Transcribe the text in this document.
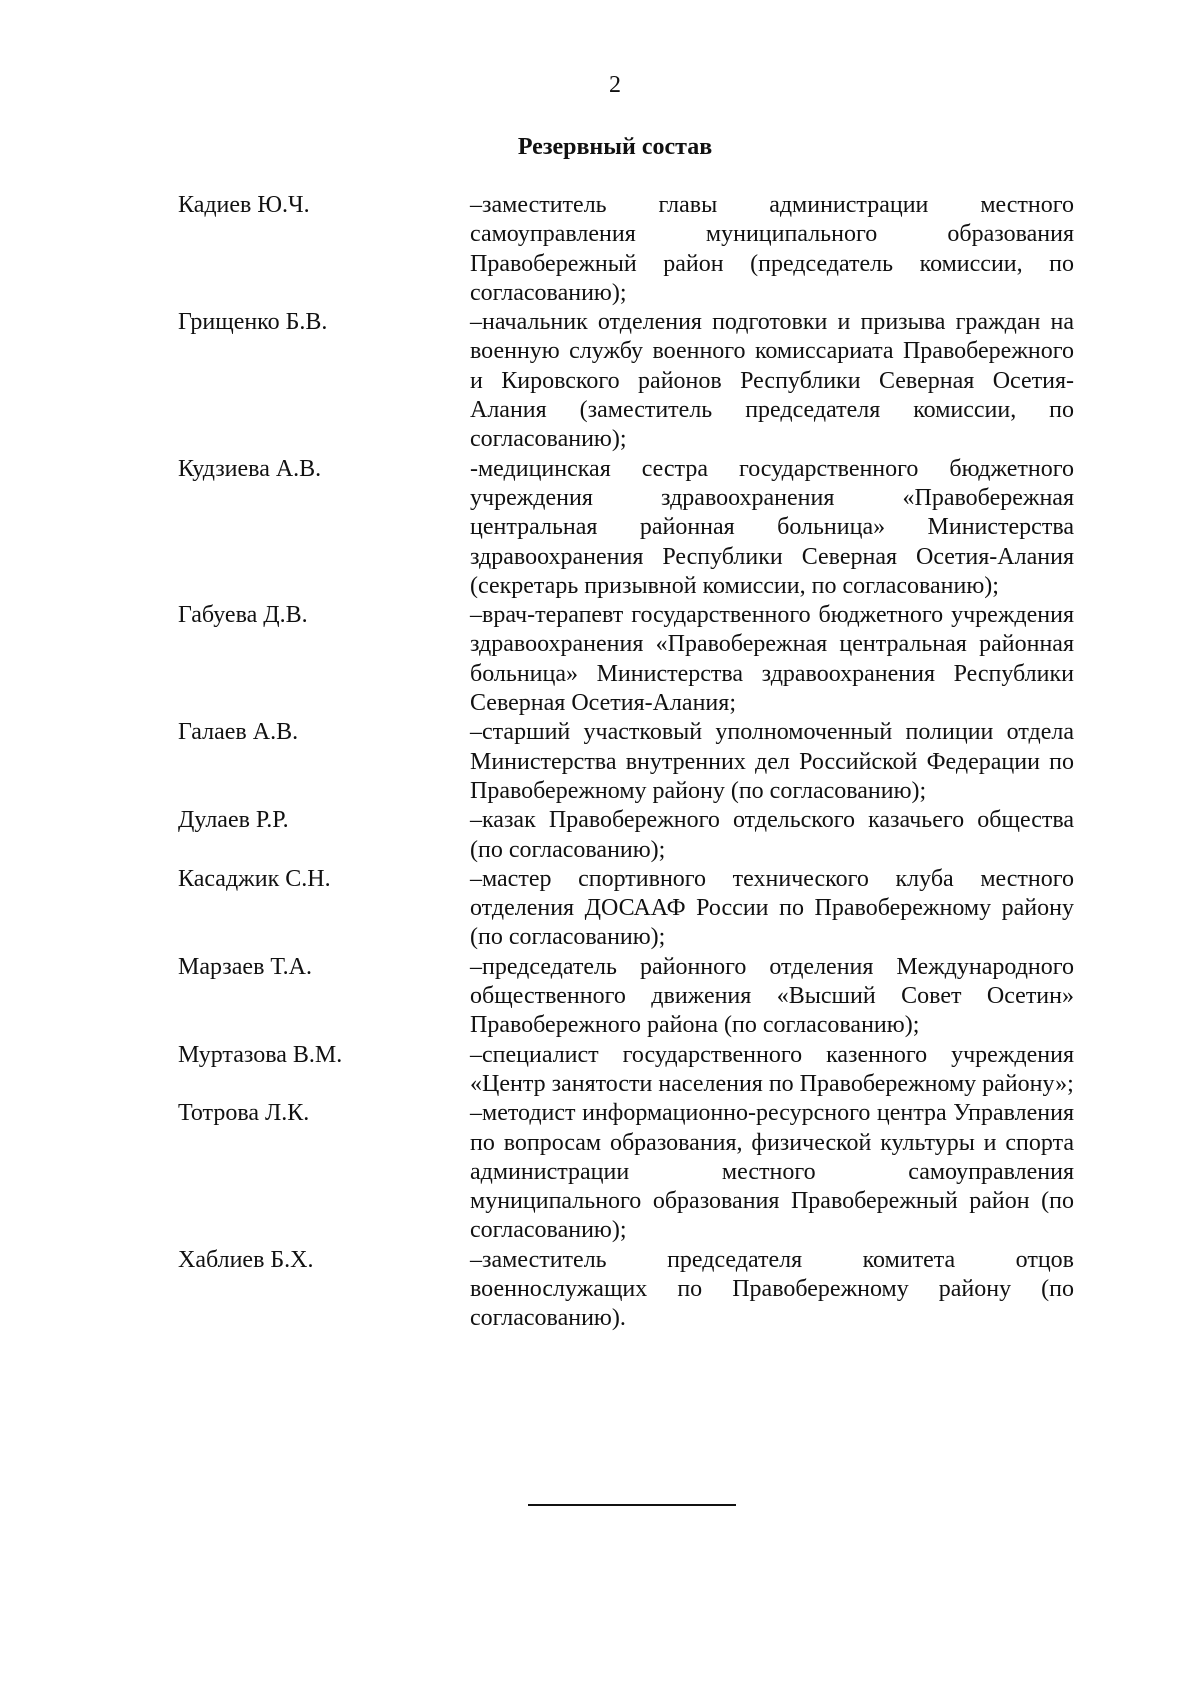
2
Резервный состав
Кадиев Ю.Ч.	–заместитель главы администрации местного самоуправления муниципального образования Правобережный район (председатель комиссии, по согласованию);
Грищенко Б.В.	–начальник отделения подготовки и призыва граждан на военную службу военного комиссариата Правобережного и Кировского районов Республики Северная Осетия-Алания (заместитель председателя комиссии, по согласованию);
Кудзиева А.В.	-медицинская сестра государственного бюджетного учреждения здравоохранения «Правобережная центральная районная больница» Министерства здравоохранения Республики Северная Осетия-Алания (секретарь призывной комиссии, по согласованию);
Габуева Д.В.	–врач-терапевт государственного бюджетного учреждения здравоохранения «Правобережная центральная районная больница» Министерства здравоохранения Республики Северная Осетия-Алания;
Галаев А.В.	–старший участковый уполномоченный полиции отдела Министерства внутренних дел Российской Федерации по Правобережному району (по согласованию);
Дулаев Р.Р.	–казак Правобережного отдельского казачьего общества (по согласованию);
Касаджик С.Н.	–мастер спортивного технического клуба местного отделения ДОСААФ России по Правобережному району (по согласованию);
Марзаев Т.А.	–председатель районного отделения Международного общественного движения «Высший Совет Осетин» Правобережного района (по согласованию);
Муртазова В.М.	–специалист государственного казенного учреждения «Центр занятости населения по Правобережному району»;
Тотрова Л.К.	–методист информационно-ресурсного центра Управления по вопросам образования, физической культуры и спорта администрации местного самоуправления муниципального образования Правобережный район (по согласованию);
Хаблиев Б.Х.	–заместитель председателя комитета отцов военнослужащих по Правобережному району (по согласованию).
